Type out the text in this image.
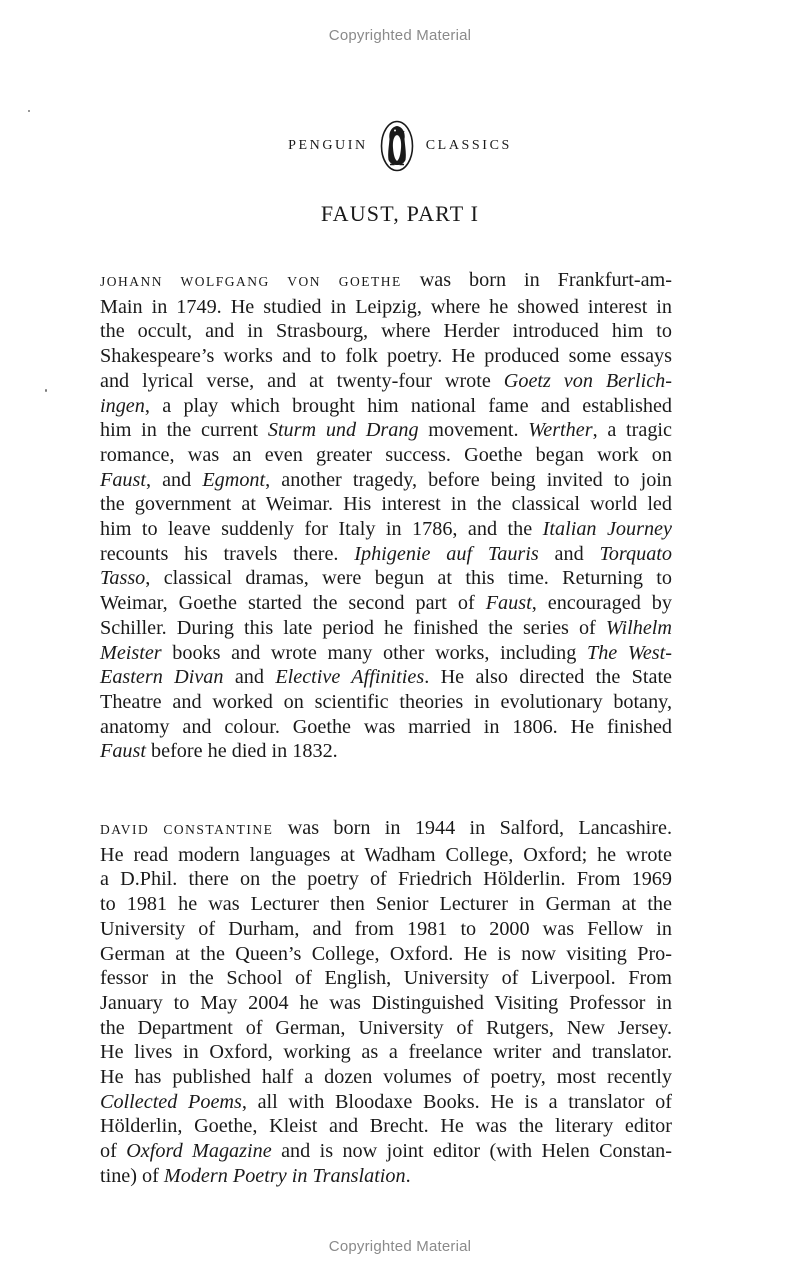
Copyrighted Material
PENGUIN	CLASSICS
FAUST, PART I
JOHANN WOLFGANG VON GOETHE was born in Frankfurt-am-
Main in 1749. He studied in Leipzig, where he showed interest in
the occult, and in Strasbourg, where Herder introduced him to
Shakespeare’s works and to folk poetry. He produced some essays
and lyrical verse, and at twenty-four wrote Goetz von Berlich-
ingen, a play which brought him national fame and established
him in the current Sturm und Drang movement. Werther, a tragic
romance, was an even greater success. Goethe began work on
Faust, and Egmont, another tragedy, before being invited to join
the government at Weimar. His interest in the classical world led
him to leave suddenly for Italy in 1786, and the Italian Journey
recounts his travels there. Iphigenie auf Tauris and Torquato
Tasso, classical dramas, were begun at this time. Returning to
Weimar, Goethe started the second part of Faust, encouraged by
Schiller. During this late period he finished the series of Wilhelm
Meister books and wrote many other works, including The West-
Eastern Divan and Elective Affinities. He also directed the State
Theatre and worked on scientific theories in evolutionary botany,
anatomy and colour. Goethe was married in 1806. He finished
Faust before he died in 1832.
DAVID CONSTANTINE was born in 1944 in Salford, Lancashire.
He read modern languages at Wadham College, Oxford; he wrote
a D.Phil. there on the poetry of Friedrich Hölderlin. From 1969
to 1981 he was Lecturer then Senior Lecturer in German at the
University of Durham, and from 1981 to 2000 was Fellow in
German at the Queen’s College, Oxford. He is now visiting Pro-
fessor in the School of English, University of Liverpool. From
January to May 2004 he was Distinguished Visiting Professor in
the Department of German, University of Rutgers, New Jersey.
He lives in Oxford, working as a freelance writer and translator.
He has published half a dozen volumes of poetry, most recently
Collected Poems, all with Bloodaxe Books. He is a translator of
Hölderlin, Goethe, Kleist and Brecht. He was the literary editor
of Oxford Magazine and is now joint editor (with Helen Constan-
tine) of Modern Poetry in Translation.
Copyrighted Material
